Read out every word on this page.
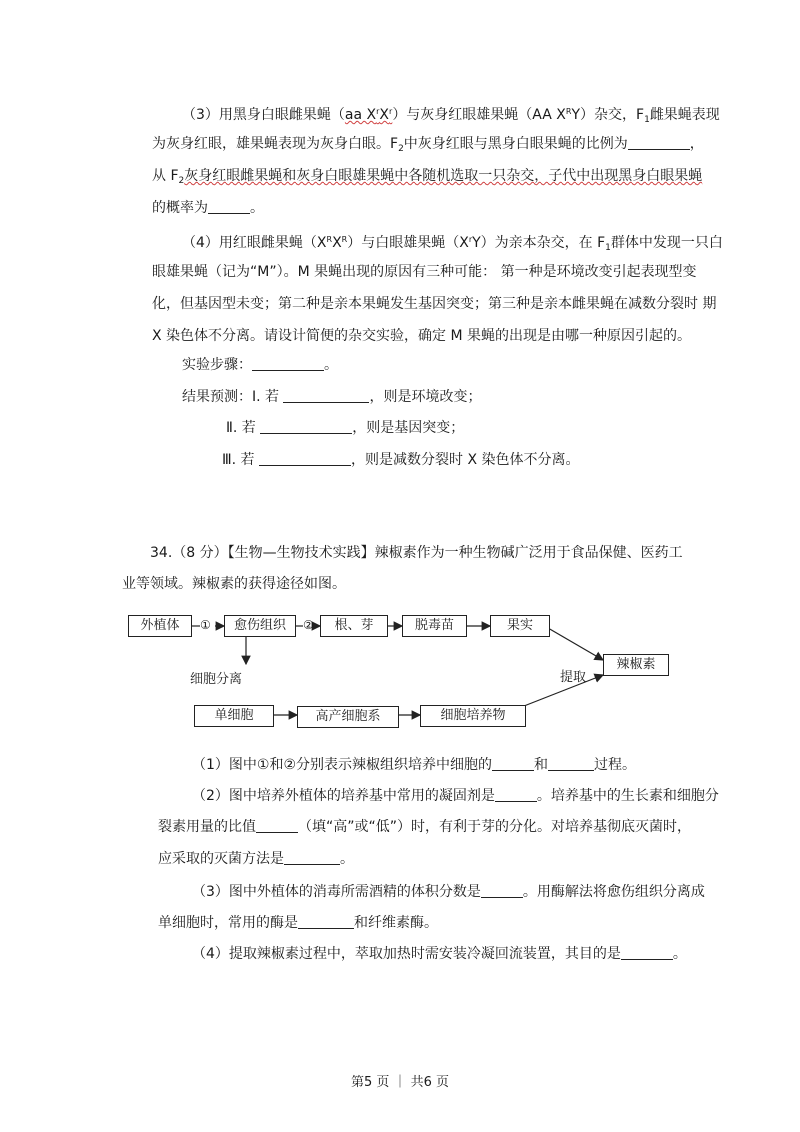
（3）用黑身白眼雌果蝇（aa $X^rX^r$）与灰身红眼雄果蝇（AA $X^RY$）杂交，$F_1$雌果蝇表现
为灰身红眼，雄果蝇表现为灰身白眼。$F_2$中灰身红眼与黑身白眼果蝇的比例为	，
从 $F_2$灰身红眼雌果蝇和灰身白眼雄果蝇中各随机选取一只杂交，子代中出现黑身白眼果蝇
的概率为	。
（4）用红眼雌果蝇$(X^RX^R)$与白眼雄果蝇$(X^rY)$为亲本杂交，在 $F_1$群体中发现一只白
眼雄果蝇（记为“M”）。M 果蝇出现的原因有三种可能： 第一种是环境改变引起表现型变
化，但基因型未变；第二种是亲本果蝇发生基因突变；第三种是亲本雌果蝇在减数分裂时 期
X 染色体不分离。请设计简便的杂交实验，确定 M 果蝇的出现是由哪一种原因引起的。
实验步骤：	。
结果预测：Ⅰ. 若	，则是环境改变；
Ⅱ. 若	，则是基因突变；
Ⅲ. 若	，则是减数分裂时 X 染色体不分离。
34.（8 分）【生物—生物技术实践】辣椒素作为一种生物碱广泛用于食品保健、医药工
业等领域。辣椒素的获得途径如图。
外植体	①	愈伤组织	②	根、芽	脱毒苗	果实
辣椒素
单细胞	高产细胞系	细胞培养物
细胞分离	提取
（1）图中①和②分别表示辣椒组织培养中细胞的	和	过程。
（2）图中培养外植体的培养基中常用的凝固剂是	。培养基中的生长素和细胞分
裂素用量的比值	（填“高”或“低”）时，有利于芽的分化。对培养基彻底灭菌时，
应采取的灭菌方法是	。
（3）图中外植体的消毒所需酒精的体积分数是	。用酶解法将愈伤组织分离成
单细胞时，常用的酶是	和纤维素酶。
（4）提取辣椒素过程中，萃取加热时需安装冷凝回流装置，其目的是	。
第5 页 ｜ 共6 页
